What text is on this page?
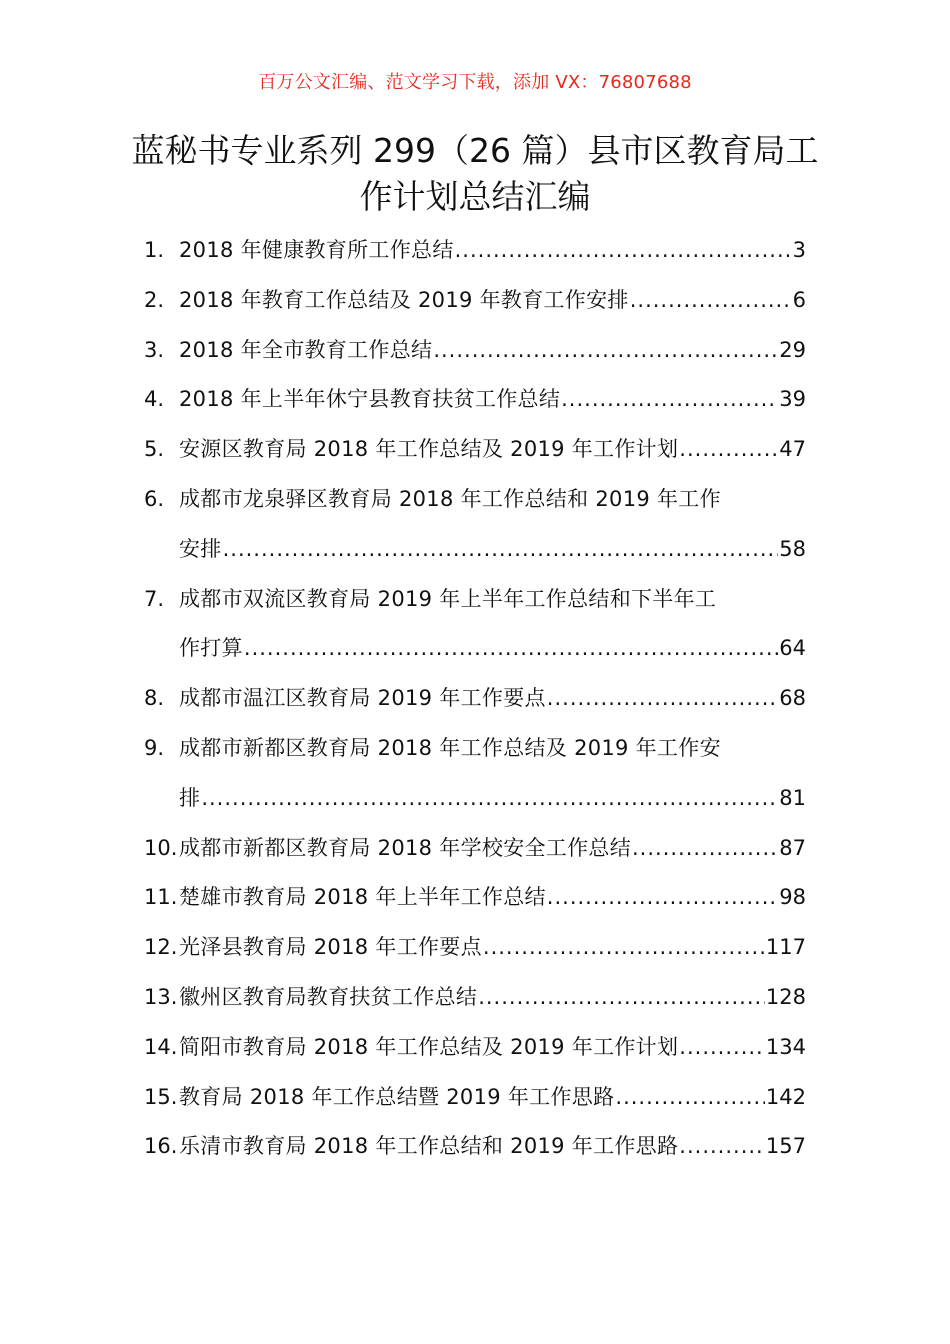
百万公文汇编、范文学习下载，添加 VX：76807688
蓝秘书专业系列 299（26 篇）县市区教育局工作计划总结汇编
1. 2018 年健康教育所工作总结 .....	3
2. 2018 年教育工作总结及 2019 年教育工作安排 .....	6
3. 2018 年全市教育工作总结 .....	29
4. 2018 年上半年休宁县教育扶贫工作总结 .....	39
5. 安源区教育局 2018 年工作总结及 2019 年工作计划 .....	47
6. 成都市龙泉驿区教育局 2018 年工作总结和 2019 年工作
安排 .....	58
7. 成都市双流区教育局 2019 年上半年工作总结和下半年工
作打算 .....	64
8. 成都市温江区教育局 2019 年工作要点 .....	68
9. 成都市新都区教育局 2018 年工作总结及 2019 年工作安
排 .....	81
10. 成都市新都区教育局 2018 年学校安全工作总结 .....	87
11. 楚雄市教育局 2018 年上半年工作总结 .....	98
12. 光泽县教育局 2018 年工作要点 .....	117
13. 徽州区教育局教育扶贫工作总结 .....	128
14. 简阳市教育局 2018 年工作总结及 2019 年工作计划 .....	134
15. 教育局 2018 年工作总结暨 2019 年工作思路 .....	142
16. 乐清市教育局 2018 年工作总结和 2019 年工作思路 .....	157
